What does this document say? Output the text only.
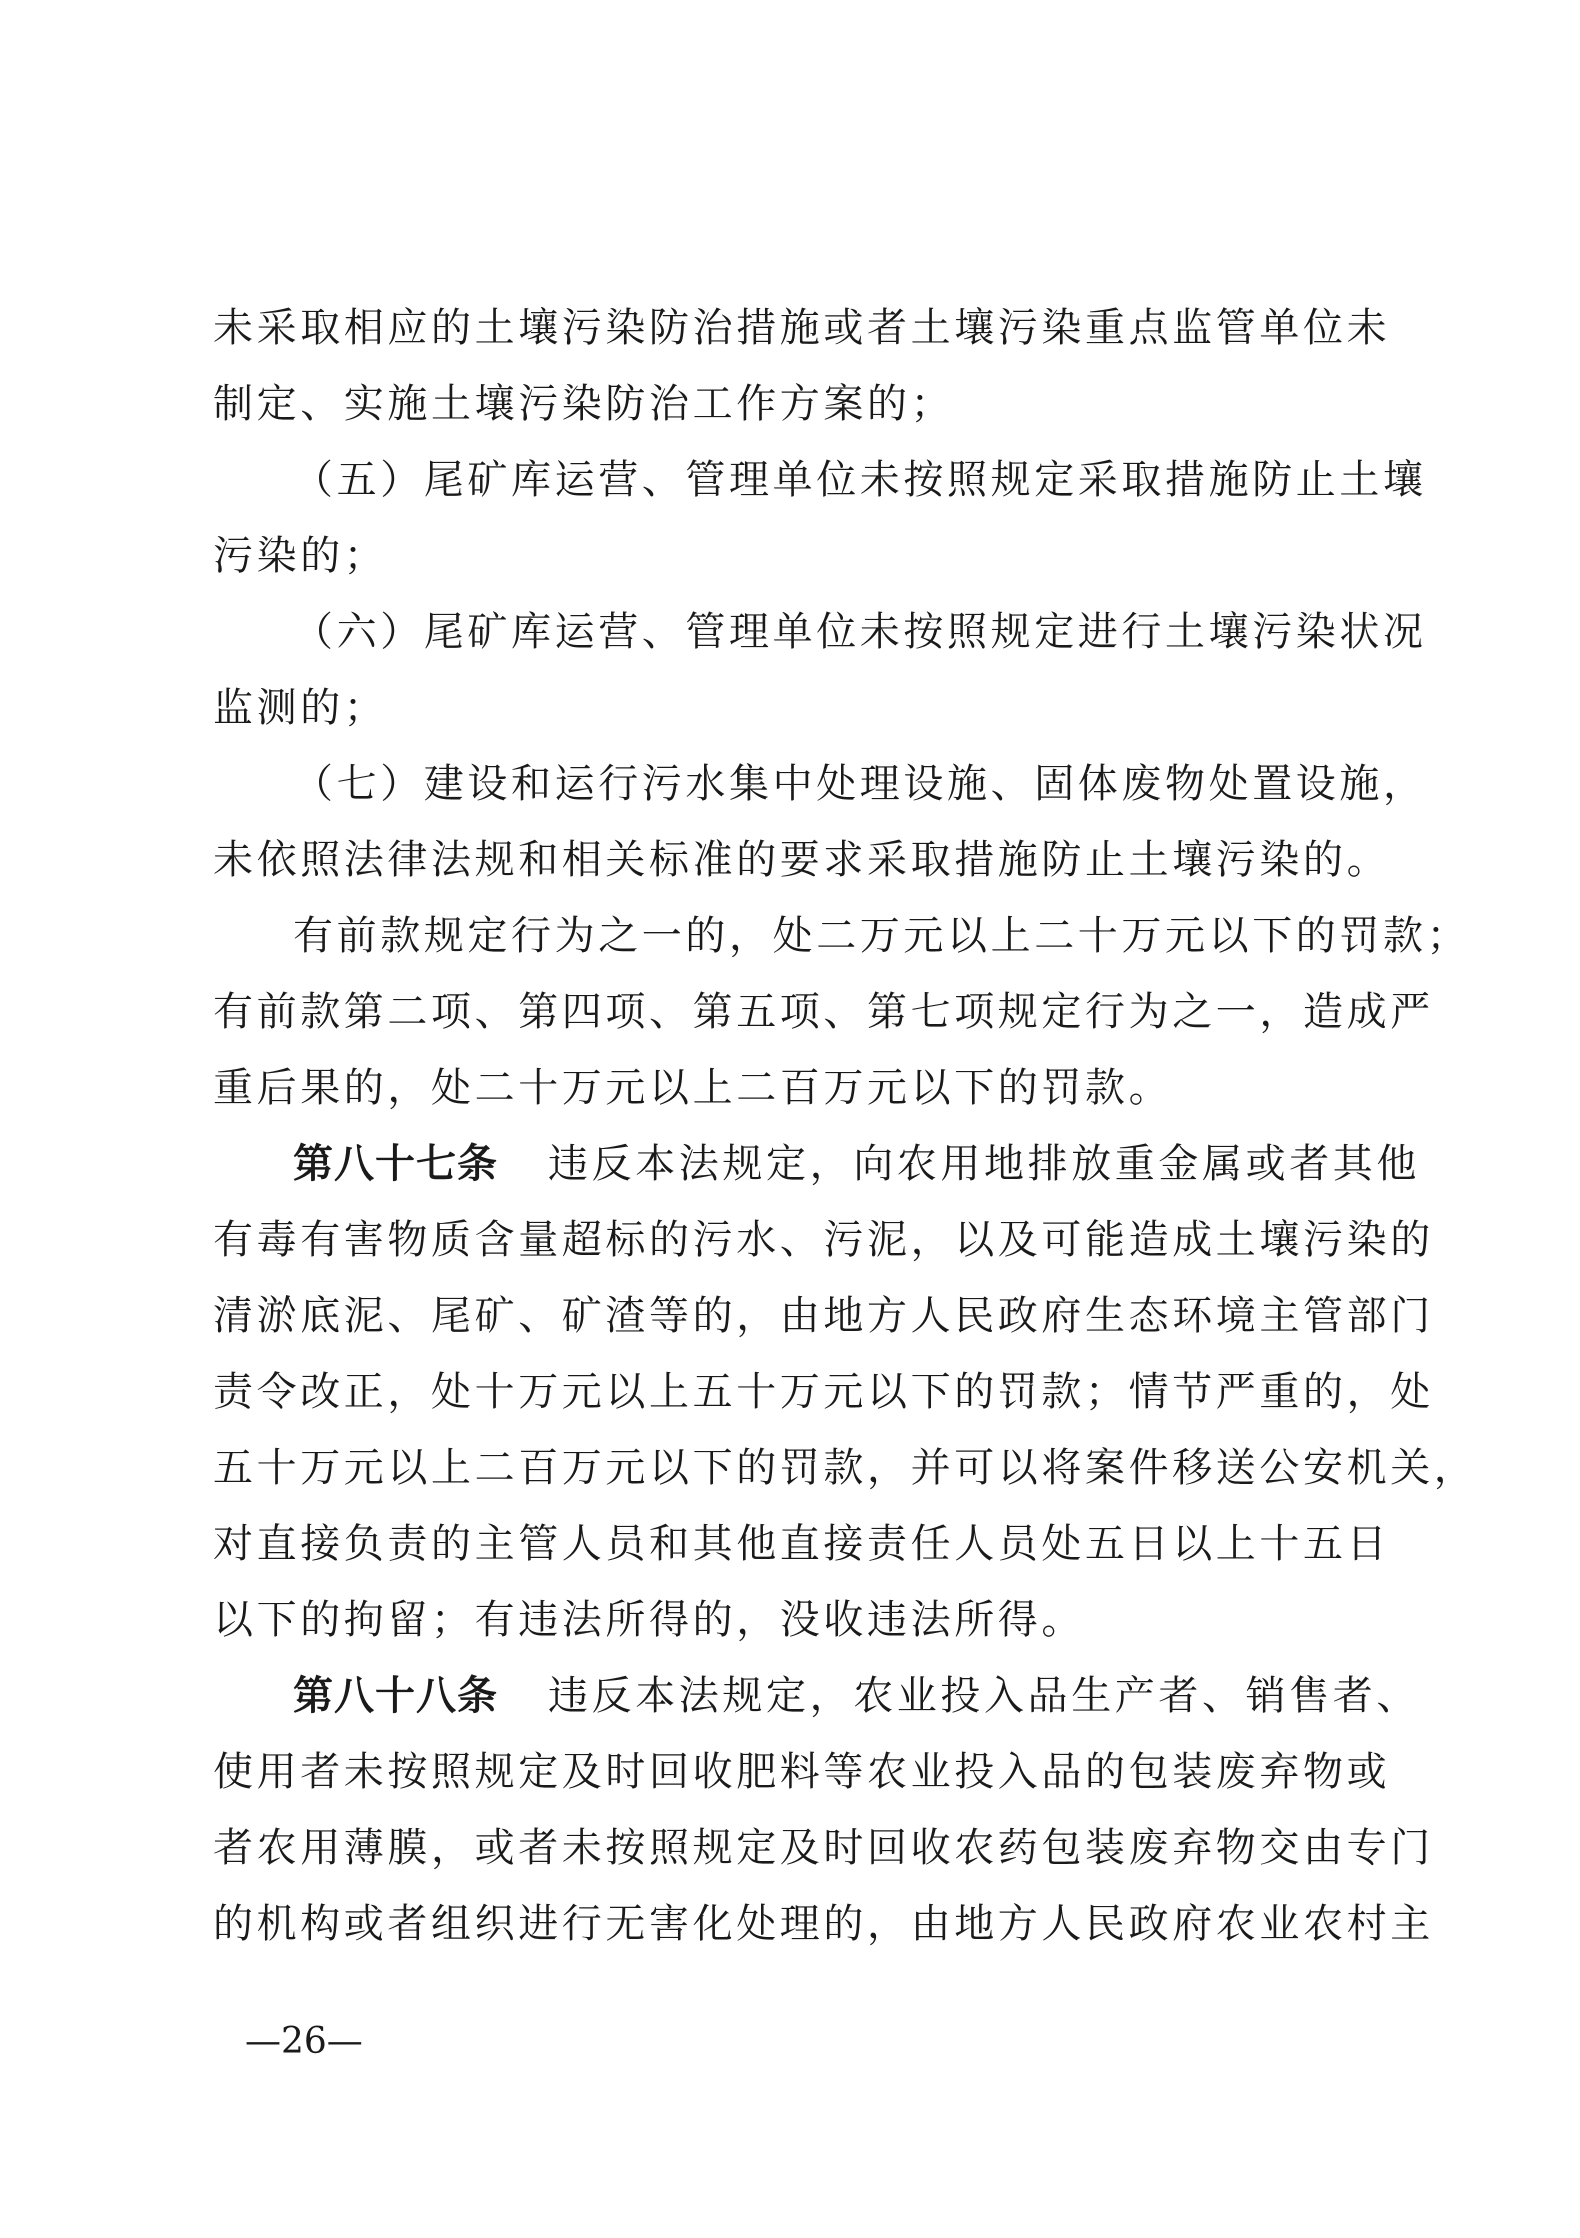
未采取相应的土壤污染防治措施或者土壤污染重点监管单位未
制定、实施土壤污染防治工作方案的；
（五）尾矿库运营、管理单位未按照规定采取措施防止土壤
污染的；
（六）尾矿库运营、管理单位未按照规定进行土壤污染状况
监测的；
（七）建设和运行污水集中处理设施、固体废物处置设施，
未依照法律法规和相关标准的要求采取措施防止土壤污染的。
有前款规定行为之一的，处二万元以上二十万元以下的罚款；
有前款第二项、第四项、第五项、第七项规定行为之一，造成严
重后果的，处二十万元以上二百万元以下的罚款。
第八十七条 违反本法规定，向农用地排放重金属或者其他
有毒有害物质含量超标的污水、污泥，以及可能造成土壤污染的
清淤底泥、尾矿、矿渣等的，由地方人民政府生态环境主管部门
责令改正，处十万元以上五十万元以下的罚款；情节严重的，处
五十万元以上二百万元以下的罚款，并可以将案件移送公安机关，
对直接负责的主管人员和其他直接责任人员处五日以上十五日
以下的拘留；有违法所得的，没收违法所得。
第八十八条 违反本法规定，农业投入品生产者、销售者、
使用者未按照规定及时回收肥料等农业投入品的包装废弃物或
者农用薄膜，或者未按照规定及时回收农药包装废弃物交由专门
的机构或者组织进行无害化处理的，由地方人民政府农业农村主
—26—
